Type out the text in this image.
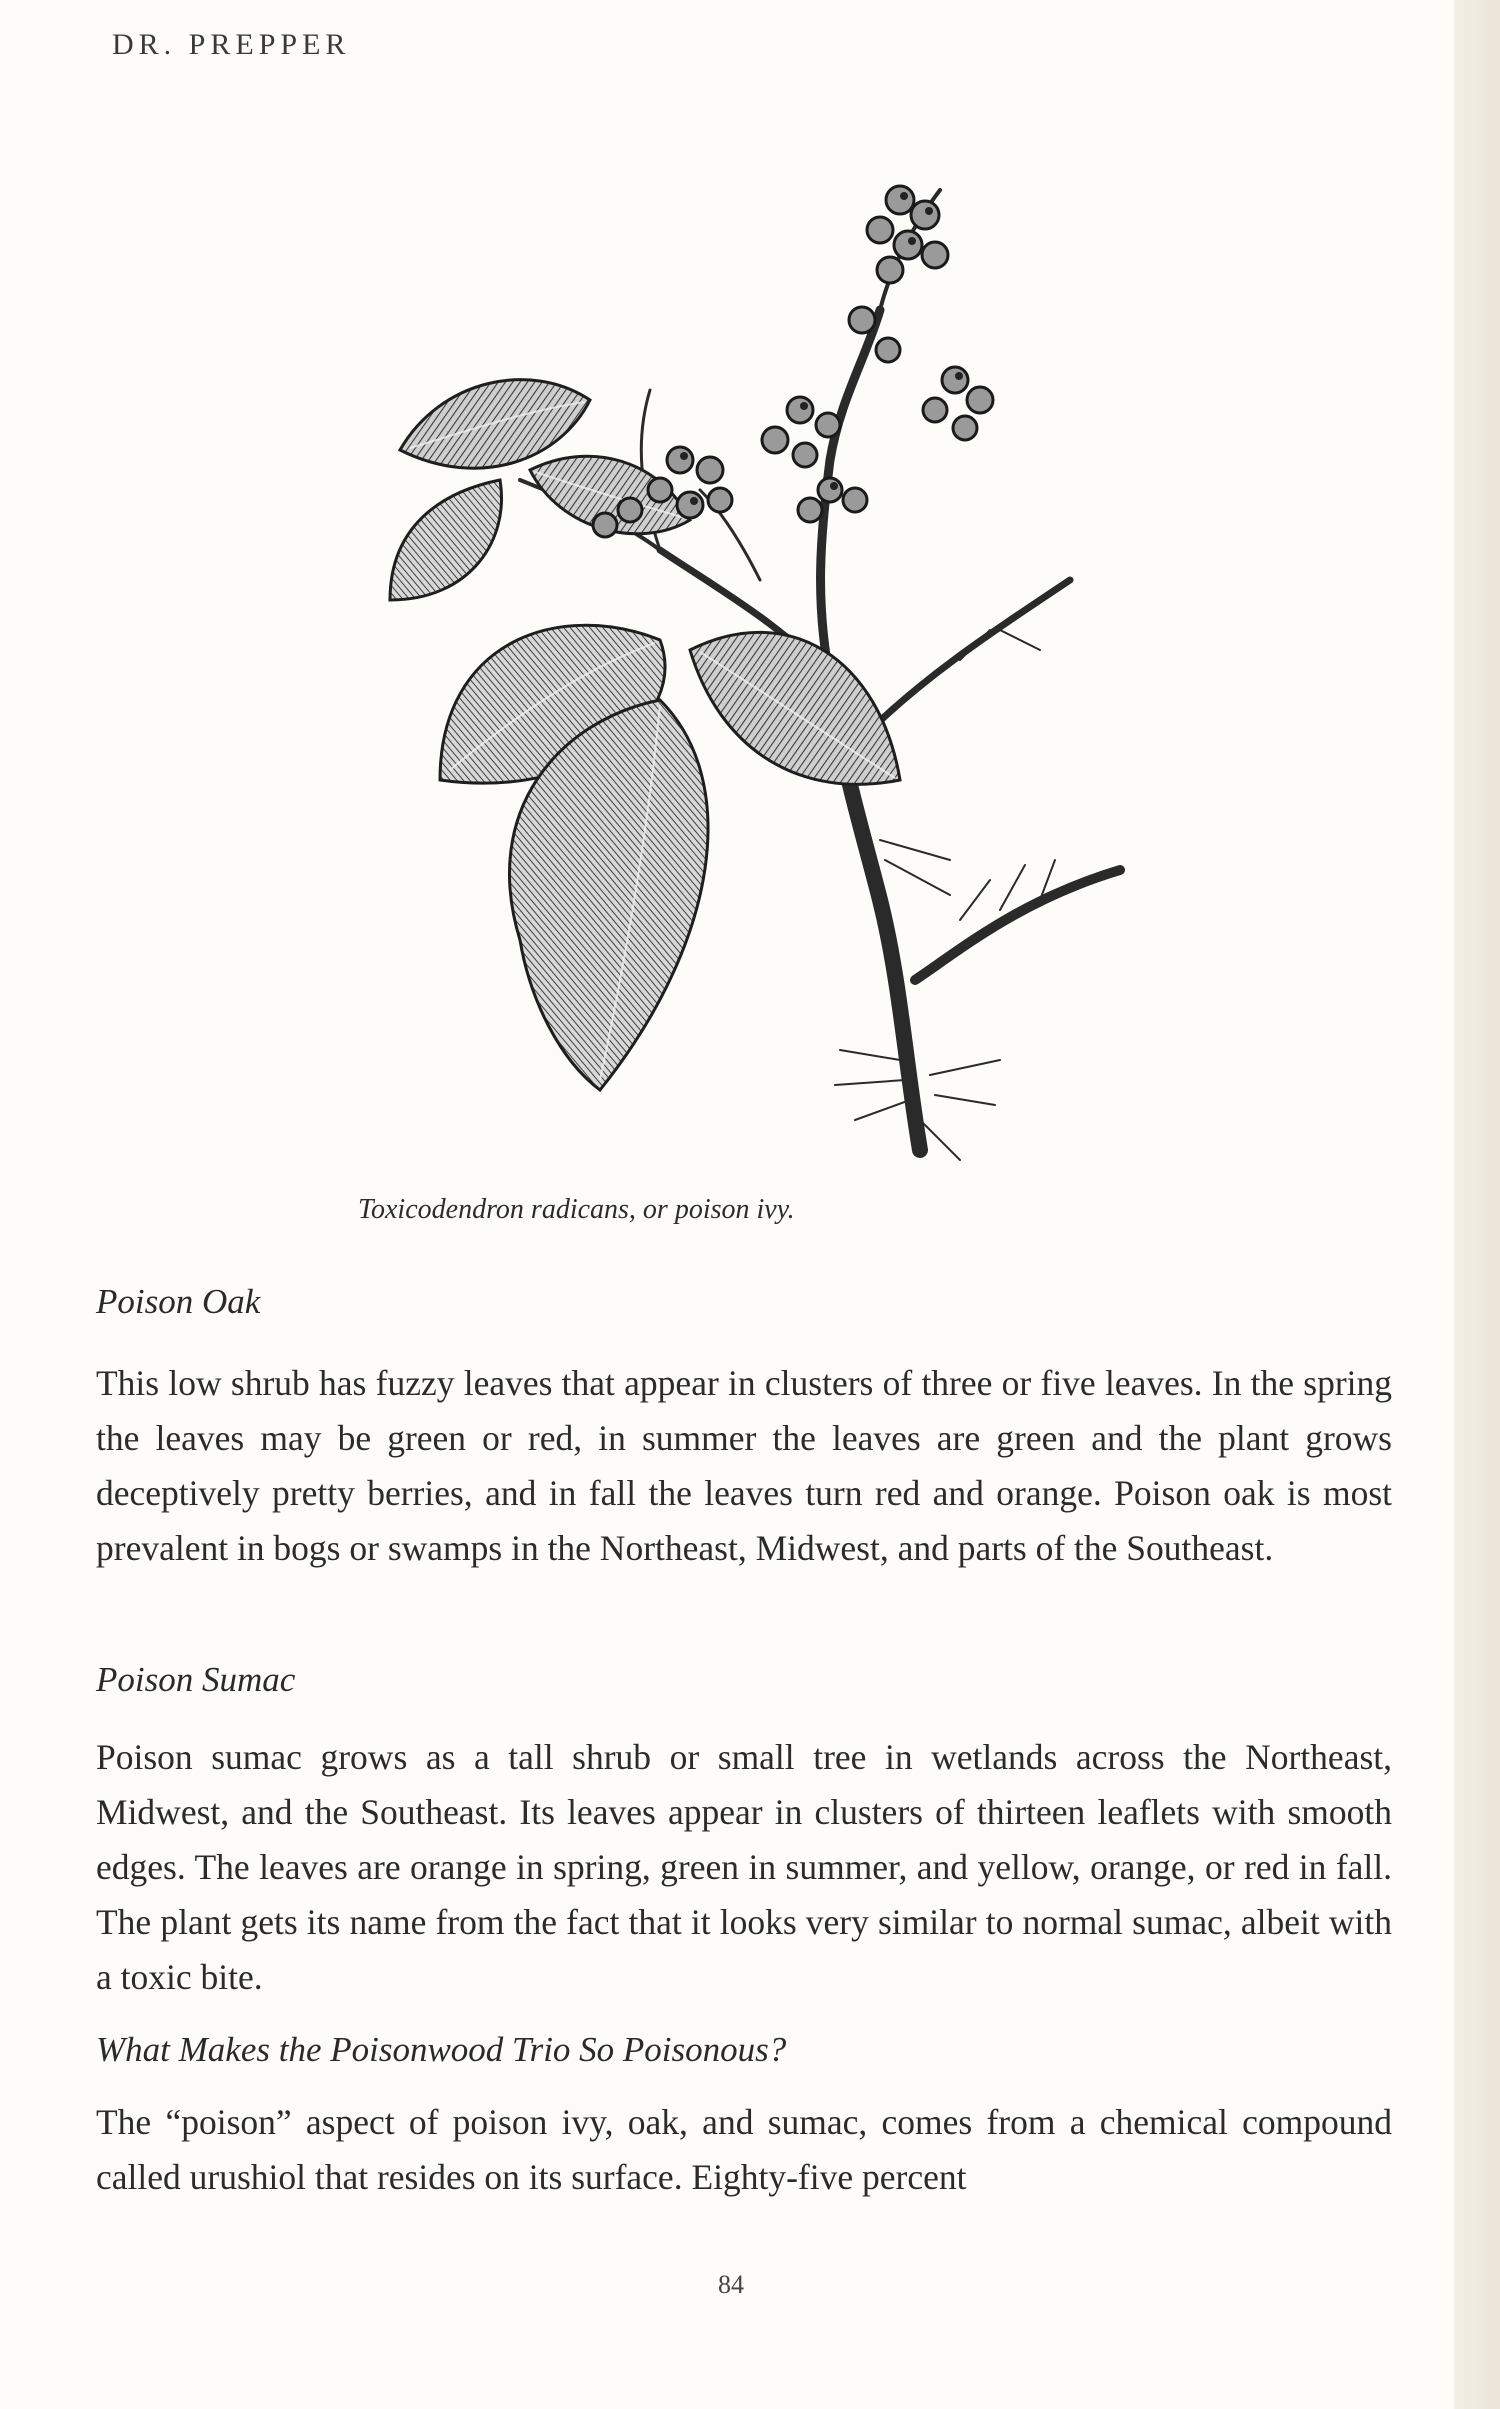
DR. PREPPER
Toxicodendron radicans, or poison ivy.
Poison Oak

This low shrub has fuzzy leaves that appear in clusters of three or five leaves. In the spring the leaves may be green or red, in summer the leaves are green and the plant grows deceptively pretty berries, and in fall the leaves turn red and orange. Poison oak is most prevalent in bogs or swamps in the Northeast, Midwest, and parts of the Southeast.

Poison Sumac

Poison sumac grows as a tall shrub or small tree in wetlands across the Northeast, Midwest, and the Southeast. Its leaves appear in clusters of thirteen leaflets with smooth edges. The leaves are orange in spring, green in summer, and yellow, orange, or red in fall. The plant gets its name from the fact that it looks very similar to normal sumac, albeit with a toxic bite.

What Makes the Poisonwood Trio So Poisonous?

The “poison” aspect of poison ivy, oak, and sumac, comes from a chemical compound called urushiol that resides on its surface. Eighty-five percent

84
